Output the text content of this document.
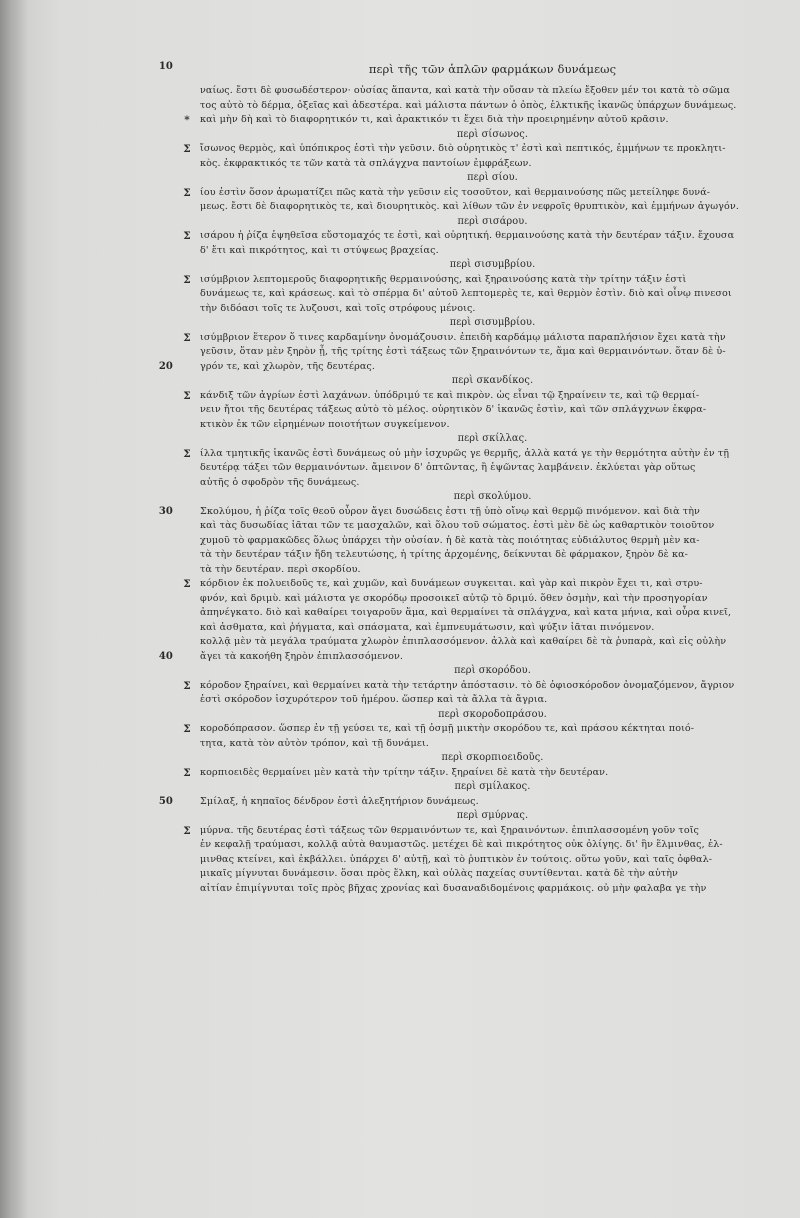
περὶ τῆς τῶν ἁπλῶν φαρμάκων δυνάμεως
ναίως. ἔστι δὲ φυσωδέστερον· οὐσίας ἅπαντα, καὶ κατὰ τὴν οὔσαν τὰ πλείω ἔξοθεν μέν τοι κατὰ τὸ σῶμα
τος αὐτὸ τὸ δέρμα, ὀξεῖας καὶ ἀδεστέρα. καὶ μάλιστα πάντων ὁ ὀπὸς, ἑλκτικῆς ἱκανῶς ὑπάρχων δυνάμεως.
*	καὶ μὴν δὴ καὶ τὸ διαφορητικόν τι, καὶ ἀρακτικόν τι ἔχει διὰ τὴν προειρημένην αὐτοῦ κρᾶσιν.
περὶ σίσωνος.
Σ ἴσωνος θερμὸς, καὶ ὑπόπικρος ἐστὶ τὴν γεῦσιν. διὸ οὐρητικὸς τ' ἐστὶ καὶ πεπτικός, ἐμμήνων τε προκλητι-
κὸς. ἐκφρακτικός τε τῶν κατὰ τὰ σπλάγχνα παντοίων ἐμφράξεων.
περὶ σίου.
Σ ίου ἐστὶν ὅσον ἀρωματίζει πῶς κατὰ τὴν γεῦσιν εἰς τοσοῦτον, καὶ θερμαινούσης πῶς μετείληφε δυνά-
μεως. ἔστι δὲ διαφορητικὸς τε, καὶ διουρητικὸς. καὶ λίθων τῶν ἐν νεφροῖς θρυπτικὸν, καὶ ἐμμήνων ἀγωγόν.
10
περὶ σισάρου.
Σ ισάρου ἡ ῥίζα ἑψηθεῖσα εὔστομαχός τε ἐστὶ, καὶ οὐρητική. θερμαινούσης κατὰ τὴν δευτέραν τάξιν. ἔχουσα
δ' ἔτι καὶ πικρότητος, καὶ τι στύψεως βραχείας.
περὶ σισυμβρίου.
Σ ισύμβριον λεπτομεροῦς διαφορητικῆς θερμαινούσης, καὶ ξηραινούσης κατὰ τὴν τρίτην τάξιν ἐστὶ
δυνάμεως τε, καὶ κράσεως. καὶ τὸ σπέρμα δι' αὐτοῦ λεπτομερὲς τε, καὶ θερμὸν ἐστὶν. διὸ καὶ οἶνῳ πινεσοι
τὴν διδόασι τοῖς τε λυζουσι, καὶ τοῖς στρόφους μένοις.
περὶ σισυμβρίου.
Σ ισύμβριον ἕτερον ὅ τινες καρδαμίνην ὀνομάζουσιν. ἐπειδὴ καρδάμῳ μάλιστα παραπλήσιον ἔχει κατὰ τὴν
γεῦσιν, ὅταν μὲν ξηρὸν ᾖ, τῆς τρίτης ἐστὶ τάξεως τῶν ξηραινόντων τε, ἅμα καὶ θερμαινόντων. ὅταν δὲ ὑ-
20	γρόν τε, καὶ χλωρὸν, τῆς δευτέρας.
περὶ σκανδίκος.
Σ κάνδιξ τῶν ἀγρίων ἐστὶ λαχάνων. ὑπόδριμύ τε καὶ πικρὸν. ὡς εἶναι τῷ ξηραίνειν τε, καὶ τῷ θερμαί-
νειν ἤτοι τῆς δευτέρας τάξεως αὐτὸ τὸ μέλος. οὐρητικὸν δ' ἱκανῶς ἐστὶν, καὶ τῶν σπλάγχνων ἐκφρα-
κτικὸν ἐκ τῶν εἰρημένων ποιοτήτων συγκείμενον.
περὶ σκίλλας.
Σ ίλλα τμητικῆς ἱκανῶς ἐστὶ δυνάμεως οὐ μὴν ἱσχυρῶς γε θερμῆς, ἀλλὰ κατά γε τὴν θερμότητα αὐτὴν ἐν τῇ
δευτέρᾳ τάξει τῶν θερμαινόντων. ἄμεινον δ' ὀπτῶντας, ἢ ἑψῶντας λαμβάνειν. ἐκλύεται γὰρ οὕτως
αὐτῆς ὁ σφοδρὸν τῆς δυνάμεως.
περὶ σκολύμου.
30	Σκολύμου, ἡ ῥίζα τοῖς θεοῦ οὖρον ἄγει δυσώδεις ἐστι τῇ ὑπὸ οἴνῳ καὶ θερμῷ πινόμενον. καὶ διὰ τὴν
καὶ τὰς δυσωδίας ἰᾶται τῶν τε μασχαλῶν, καὶ ὅλου τοῦ σώματος. ἐστὶ μὲν δὲ ὡς καθαρτικὸν τοιοῦτον
χυμοῦ τὸ φαρμακῶδες ὅλως ὑπάρχει τὴν οὐσίαν. ἡ δὲ κατὰ τὰς ποιότητας εὐδιάλυτος θερμὴ μὲν κα-
τὰ τὴν δευτέραν τάξιν ἤδη τελευτώσης, ἡ τρίτης ἀρχομένης, δείκνυται δὲ φάρμακον, ξηρὸν δὲ κα-
τὰ τὴν δευτέραν. περὶ σκορδίου.
Σ κόρδιον ἐκ πολυειδοῦς τε, καὶ χυμῶν, καὶ δυνάμεων συγκειται. καὶ γὰρ καὶ πικρὸν ἔχει τι, καὶ στρυ-
φνόν, καὶ δριμὺ. καὶ μάλιστα γε σκορόδῳ προσοικεῖ αὐτῷ τὸ δριμύ. ὅθεν ὀσμὴν, καὶ τὴν προσηγορίαν
ἀπηνέγκατο. διὸ καὶ καθαίρει τοιγαροῦν ἅμα, καὶ θερμαίνει τὰ σπλάγχνα, καὶ κατα μήνια, καὶ οὖρα κινεῖ,
καὶ ἀσθματα, καὶ ῥήγματα, καὶ σπάσματα, καὶ ἐμπνευμάτωσιν, καὶ ψύξιν ἰᾶται πινόμενον.
κολλᾷ μὲν τὰ μεγάλα τραύματα χλωρὸν ἐπιπλασσόμενον. ἀλλὰ καὶ καθαίρει δὲ τὰ ῥυπαρὰ, καὶ εἰς οὐλὴν
40	ἄγει τὰ κακοήθη ξηρὸν ἐπιπλασσόμενον.
περὶ σκορόδου.
Σ κόροδον ξηραίνει, καὶ θερμαίνει κατὰ τὴν τετάρτην ἀπόστασιν. τὸ δὲ ὀφιοσκόροδον ὀνομαζόμενον, ἄγριον
ἐστὶ σκόροδον ἰσχυρότερον τοῦ ἡμέρου. ὥσπερ καὶ τὰ ἄλλα τὰ ἄγρια.
περὶ σκοροδοπράσου.
Σ κοροδόπρασον. ὥσπερ ἐν τῇ γεύσει τε, καὶ τῇ ὀσμῇ μικτὴν σκορόδου τε, καὶ πράσου κέκτηται ποιό-
τητα, κατὰ τὸν αὐτὸν τρόπον, καὶ τῇ δυνάμει.
περὶ σκορπιοειδοῦς.
Σ κορπιοειδὲς θερμαίνει μὲν κατὰ τὴν τρίτην τάξιν. ξηραίνει δὲ κατὰ τὴν δευτέραν.
περὶ σμίλακος.
50	Σμίλαξ, ἡ κηπαῖος δένδρον ἐστὶ ἀλεξητήριον δυνάμεως.
περὶ σμύρνας.
Σ μύρνα. τῆς δευτέρας ἐστὶ τάξεως τῶν θερμαινόντων τε, καὶ ξηραινόντων. ἐπιπλασσομένη γοῦν τοῖς
ἐν κεφαλῇ τραύμασι, κολλᾷ αὐτὰ θαυμαστῶς. μετέχει δὲ καὶ πικρότητος οὐκ ὀλίγης. δι' ἣν ἕλμινθας, ἐλ-
μινθας κτείνει, καὶ ἐκβάλλει. ὑπάρχει δ' αὐτῇ, καὶ τὸ ῥυπτικὸν ἐν τούτοις. οὕτω γοῦν, καὶ ταῖς ὀφθαλ-
μικαῖς μίγνυται δυνάμεσιν. ὅσαι πρὸς ἕλκη, καὶ οὐλὰς παχείας συντίθενται. κατὰ δὲ τὴν αὐτὴν
αἰτίαν ἐπιμίγνυται τοῖς πρὸς βῆχας χρονίας καὶ δυσαναδιδομένοις φαρμάκοις. οὐ μὴν φαλαβα γε τὴν
